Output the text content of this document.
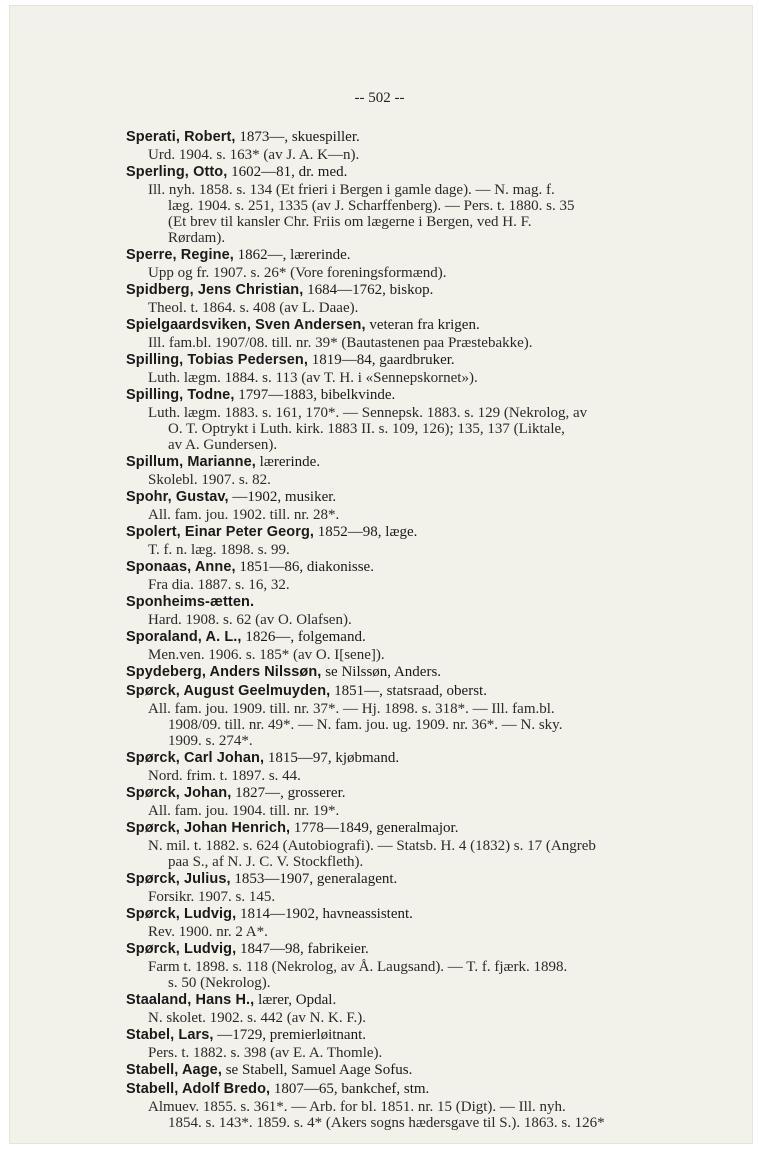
-- 502 --
Sperati, Robert, 1873—, skuespiller.
Urd. 1904. s. 163* (av J. A. K—n).
Sperling, Otto, 1602—81, dr. med.
Ill. nyh. 1858. s. 134 (Et frieri i Bergen i gamle dage). — N. mag. f.
læg. 1904. s. 251, 1335 (av J. Scharffenberg). — Pers. t. 1880. s. 35
(Et brev til kansler Chr. Friis om lægerne i Bergen, ved H. F.
Rørdam).
Sperre, Regine, 1862—, lærerinde.
Upp og fr. 1907. s. 26* (Vore foreningsformænd).
Spidberg, Jens Christian, 1684—1762, biskop.
Theol. t. 1864. s. 408 (av L. Daae).
Spielgaardsviken, Sven Andersen, veteran fra krigen.
Ill. fam.bl. 1907/08. till. nr. 39* (Bautastenen paa Præstebakke).
Spilling, Tobias Pedersen, 1819—84, gaardbruker.
Luth. lægm. 1884. s. 113 (av T. H. i «Sennepskornet»).
Spilling, Todne, 1797—1883, bibelkvinde.
Luth. lægm. 1883. s. 161, 170*. — Sennepsk. 1883. s. 129 (Nekrolog, av
O. T. Optrykt i Luth. kirk. 1883 II. s. 109, 126); 135, 137 (Liktale,
av A. Gundersen).
Spillum, Marianne, lærerinde.
Skolebl. 1907. s. 82.
Spohr, Gustav, —1902, musiker.
All. fam. jou. 1902. till. nr. 28*.
Spolert, Einar Peter Georg, 1852—98, læge.
T. f. n. læg. 1898. s. 99.
Sponaas, Anne, 1851—86, diakonisse.
Fra dia. 1887. s. 16, 32.
Sponheims-ætten.
Hard. 1908. s. 62 (av O. Olafsen).
Sporaland, A. L., 1826—, folgemand.
Men.ven. 1906. s. 185* (av O. I[sene]).
Spydeberg, Anders Nilssøn, se Nilssøn, Anders.
Spørck, August Geelmuyden, 1851—, statsraad, oberst.
All. fam. jou. 1909. till. nr. 37*. — Hj. 1898. s. 318*. — Ill. fam.bl.
1908/09. till. nr. 49*. — N. fam. jou. ug. 1909. nr. 36*. — N. sky.
1909. s. 274*.
Spørck, Carl Johan, 1815—97, kjøbmand.
Nord. frim. t. 1897. s. 44.
Spørck, Johan, 1827—, grosserer.
All. fam. jou. 1904. till. nr. 19*.
Spørck, Johan Henrich, 1778—1849, generalmajor.
N. mil. t. 1882. s. 624 (Autobiografi). — Statsb. H. 4 (1832) s. 17 (Angreb
paa S., af N. J. C. V. Stockfleth).
Spørck, Julius, 1853—1907, generalagent.
Forsikr. 1907. s. 145.
Spørck, Ludvig, 1814—1902, havneassistent.
Rev. 1900. nr. 2 A*.
Spørck, Ludvig, 1847—98, fabrikeier.
Farm t. 1898. s. 118 (Nekrolog, av Å. Laugsand). — T. f. fjærk. 1898.
s. 50 (Nekrolog).
Staaland, Hans H., lærer, Opdal.
N. skolet. 1902. s. 442 (av N. K. F.).
Stabel, Lars, —1729, premierløitnant.
Pers. t. 1882. s. 398 (av E. A. Thomle).
Stabell, Aage, se Stabell, Samuel Aage Sofus.
Stabell, Adolf Bredo, 1807—65, bankchef, stm.
Almuev. 1855. s. 361*. — Arb. for bl. 1851. nr. 15 (Digt). — Ill. nyh.
1854. s. 143*. 1859. s. 4* (Akers sogns hædersgave til S.). 1863. s. 126*
